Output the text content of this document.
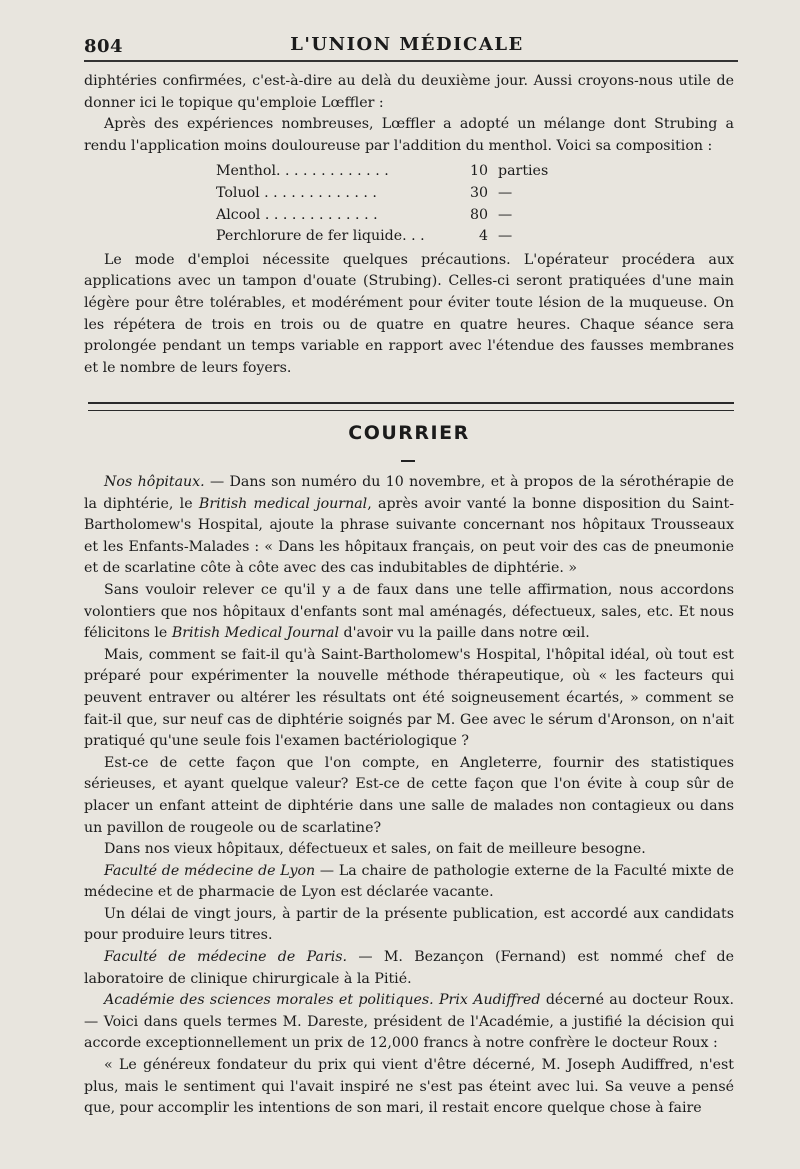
804	L'UNION MÉDICALE

diphtéries confirmées, c'est-à-dire au delà du deuxième jour. Aussi croyons-nous utile de donner ici le topique qu'emploie Lœffler :

Après des expériences nombreuses, Lœffler a adopté un mélange dont Strubing a rendu l'application moins douloureuse par l'addition du menthol. Voici sa composition :

Menthol. . . . . . . . . . . . .	10	parties
Toluol . . . . . . . . . . . . .	30	—
Alcool . . . . . . . . . . . . .	80	—
Perchlorure de fer liquide. . .	4	—

Le mode d'emploi nécessite quelques précautions. L'opérateur procédera aux applications avec un tampon d'ouate (Strubing). Celles-ci seront pratiquées d'une main légère pour être tolérables, et modérément pour éviter toute lésion de la muqueuse. On les répétera de trois en trois ou de quatre en quatre heures. Chaque séance sera prolongée pendant un temps variable en rapport avec l'étendue des fausses membranes et le nombre de leurs foyers.

COURRIER

Nos hôpitaux. — Dans son numéro du 10 novembre, et à propos de la sérothérapie de la diphtérie, le British medical journal, après avoir vanté la bonne disposition du Saint-Bartholomew's Hospital, ajoute la phrase suivante concernant nos hôpitaux Trousseaux et les Enfants-Malades : « Dans les hôpitaux français, on peut voir des cas de pneumonie et de scarlatine côte à côte avec des cas indubitables de diphtérie. »

Sans vouloir relever ce qu'il y a de faux dans une telle affirmation, nous accordons volontiers que nos hôpitaux d'enfants sont mal aménagés, défectueux, sales, etc. Et nous félicitons le British Medical Journal d'avoir vu la paille dans notre œil.

Mais, comment se fait-il qu'à Saint-Bartholomew's Hospital, l'hôpital idéal, où tout est préparé pour expérimenter la nouvelle méthode thérapeutique, où « les facteurs qui peuvent entraver ou altérer les résultats ont été soigneusement écartés, » comment se fait-il que, sur neuf cas de diphtérie soignés par M. Gee avec le sérum d'Aronson, on n'ait pratiqué qu'une seule fois l'examen bactériologique ?

Est-ce de cette façon que l'on compte, en Angleterre, fournir des statistiques sérieuses, et ayant quelque valeur? Est-ce de cette façon que l'on évite à coup sûr de placer un enfant atteint de diphtérie dans une salle de malades non contagieux ou dans un pavillon de rougeole ou de scarlatine?

Dans nos vieux hôpitaux, défectueux et sales, on fait de meilleure besogne.

Faculté de médecine de Lyon — La chaire de pathologie externe de la Faculté mixte de médecine et de pharmacie de Lyon est déclarée vacante.

Un délai de vingt jours, à partir de la présente publication, est accordé aux candidats pour produire leurs titres.

Faculté de médecine de Paris. — M. Bezançon (Fernand) est nommé chef de laboratoire de clinique chirurgicale à la Pitié.

Académie des sciences morales et politiques. Prix Audiffred décerné au docteur Roux. — Voici dans quels termes M. Dareste, président de l'Académie, a justifié la décision qui accorde exceptionnellement un prix de 12,000 francs à notre confrère le docteur Roux :

« Le généreux fondateur du prix qui vient d'être décerné, M. Joseph Audiffred, n'est plus, mais le sentiment qui l'avait inspiré ne s'est pas éteint avec lui. Sa veuve a pensé que, pour accomplir les intentions de son mari, il restait encore quelque chose à faire
